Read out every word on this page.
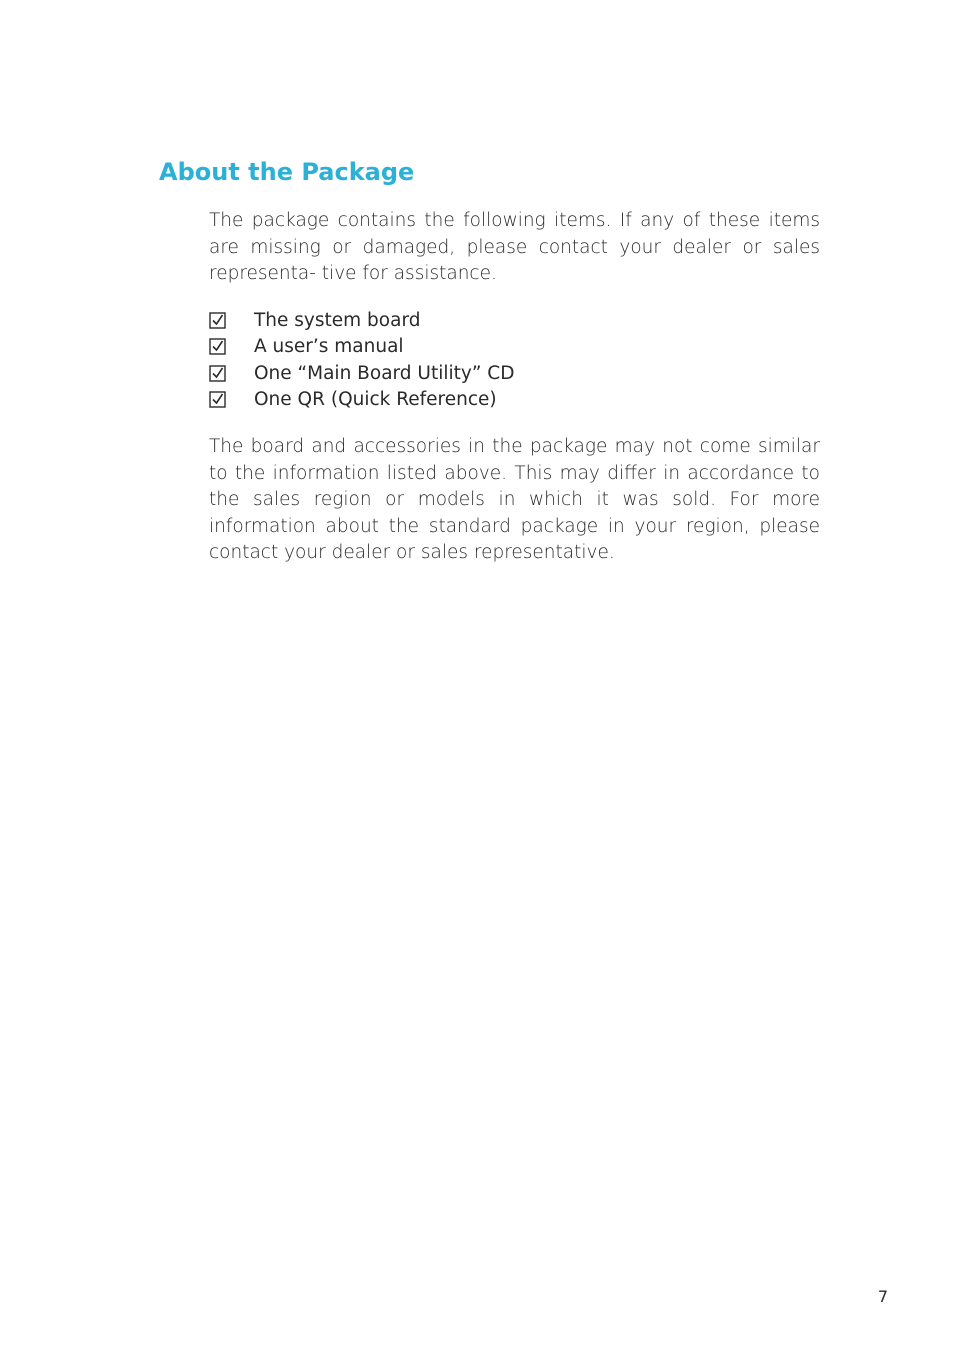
About the Package

The package contains the following items. If any of these items are missing or damaged, please contact your dealer or sales representa- tive for assistance.

The system board
A user’s manual
One “Main Board Utility” CD
One QR (Quick Reference)

The board and accessories in the package may not come similar to the information listed above. This may differ in accordance to the sales region or models in which it was sold. For more information about the standard package in your region, please contact your dealer or sales representative.

7
